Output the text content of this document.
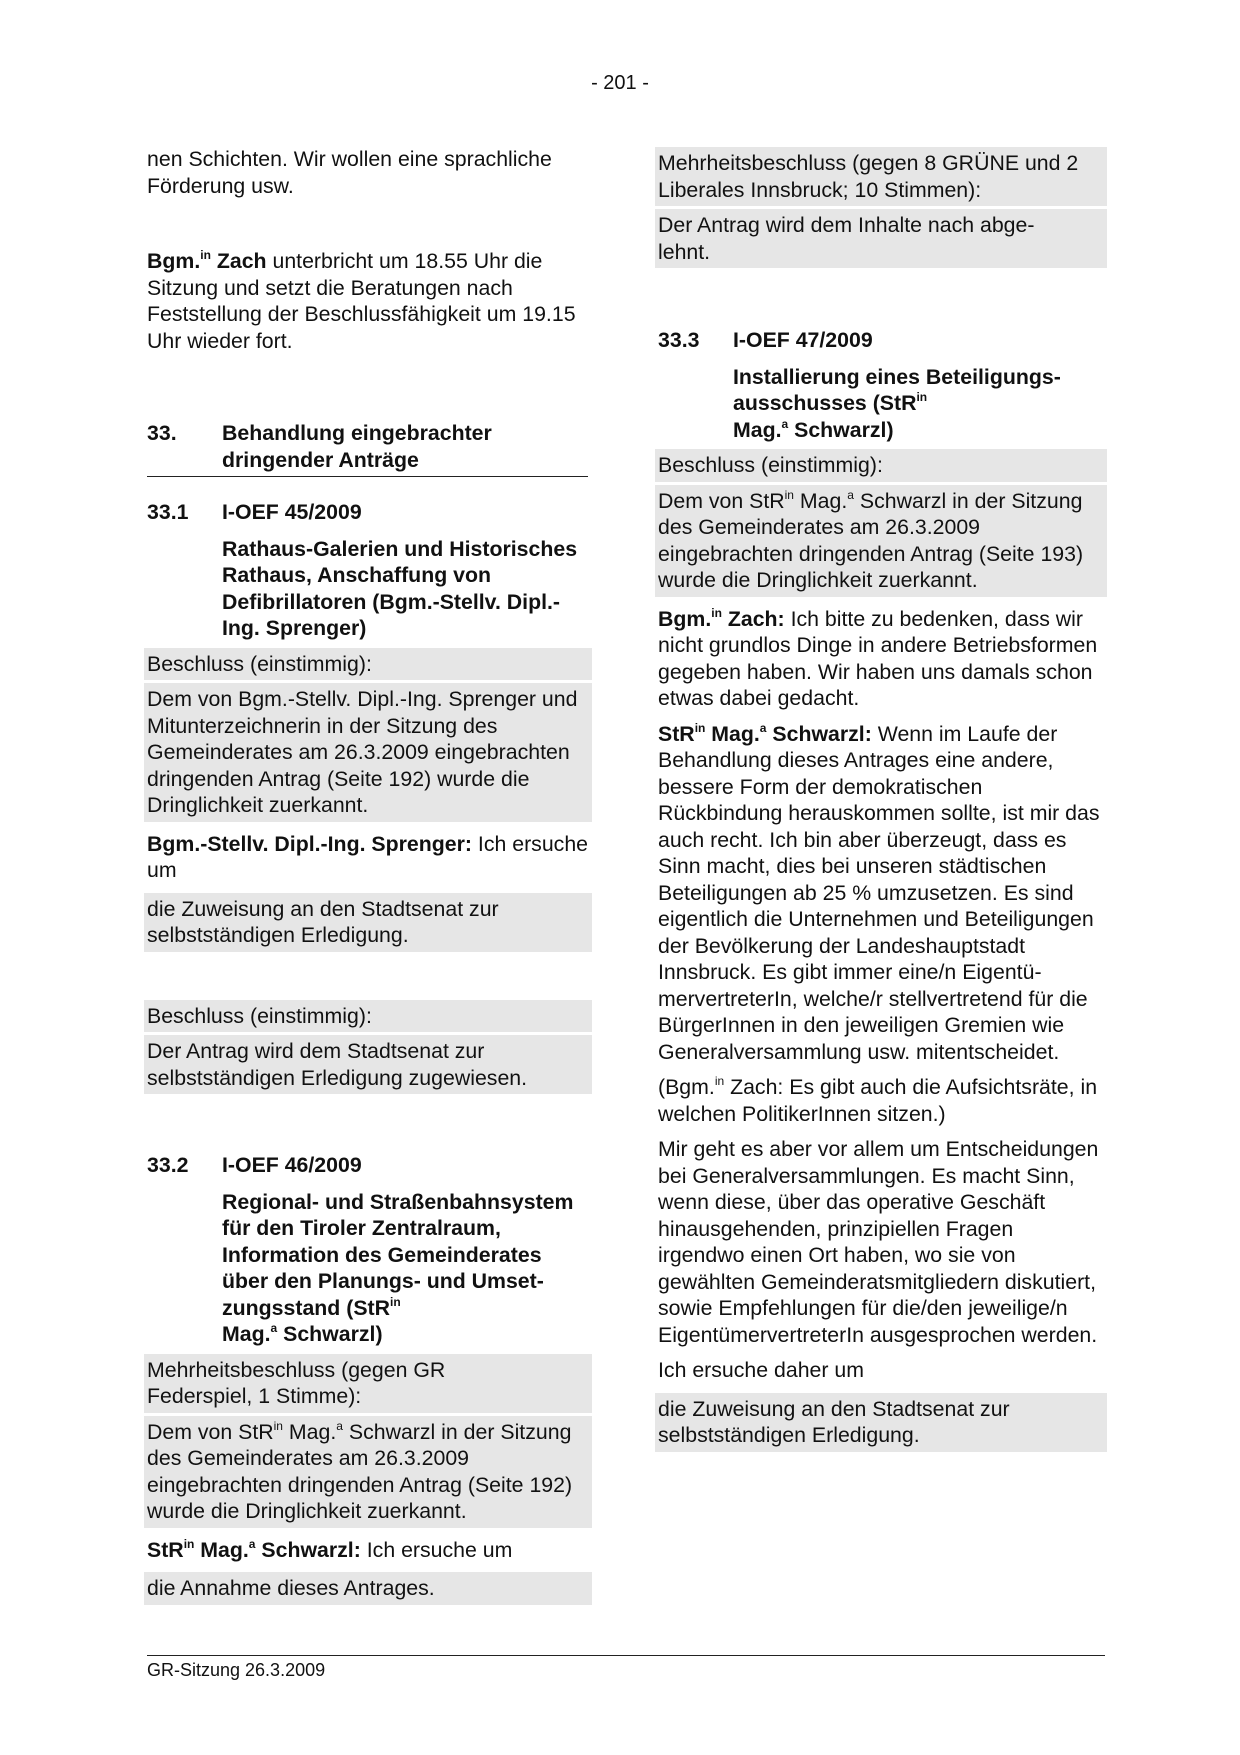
- 201 -

nen Schichten. Wir wollen eine sprachliche Förderung usw.

Bgm.$^{in}$ Zach unterbricht um 18.55 Uhr die Sitzung und setzt die Beratungen nach Feststellung der Beschlussfähigkeit um 19.15 Uhr wieder fort.

33.	Behandlung eingebrachter dringender Anträge
33.1	I-OEF 45/2009

Rathaus-Galerien und Historisches Rathaus, Anschaffung von Defibrillatoren (Bgm.-Stellv. Dipl.-Ing. Sprenger)

Beschluss (einstimmig):

Dem von Bgm.-Stellv. Dipl.-Ing. Sprenger und Mitunterzeichnerin in der Sitzung des Gemeinderates am 26.3.2009 eingebrachten dringenden Antrag (Seite 192) wurde die Dringlichkeit zuerkannt.

Bgm.-Stellv. Dipl.-Ing. Sprenger: Ich ersuche um

die Zuweisung an den Stadtsenat zur selbstständigen Erledigung.

Beschluss (einstimmig):

Der Antrag wird dem Stadtsenat zur selbstständigen Erledigung zugewiesen.

33.2	I-OEF 46/2009

Regional- und Straßenbahnsystem für den Tiroler Zentralraum, Information des Gemeinderates über den Planungs- und Umsetzungsstand (StR$^{in}$
Mag.$^a$ Schwarzl)

Mehrheitsbeschluss (gegen GR Federspiel, 1 Stimme):

Dem von StR$^{in}$ Mag.$^a$ Schwarzl in der Sitzung des Gemeinderates am 26.3.2009 eingebrachten dringenden Antrag (Seite 192) wurde die Dringlichkeit zuerkannt.

StR$^{in}$ Mag.$^a$ Schwarzl: Ich ersuche um

die Annahme dieses Antrages.

Mehrheitsbeschluss (gegen 8 GRÜNE und 2 Liberales Innsbruck; 10 Stimmen):

Der Antrag wird dem Inhalte nach abgelehnt.

33.3	I-OEF 47/2009

Installierung eines Beteiligungsausschusses (StR$^{in}$
Mag.$^a$ Schwarzl)

Beschluss (einstimmig):

Dem von StR$^{in}$ Mag.$^a$ Schwarzl in der Sitzung des Gemeinderates am 26.3.2009 eingebrachten dringenden Antrag (Seite 193) wurde die Dringlichkeit zuerkannt.

Bgm.$^{in}$ Zach: Ich bitte zu bedenken, dass wir nicht grundlos Dinge in andere Betriebsformen gegeben haben. Wir haben uns damals schon etwas dabei gedacht.

StR$^{in}$ Mag.$^a$ Schwarzl: Wenn im Laufe der Behandlung dieses Antrages eine andere, bessere Form der demokratischen Rückbindung herauskommen sollte, ist mir das auch recht. Ich bin aber überzeugt, dass es Sinn macht, dies bei unseren städtischen Beteiligungen ab 25 % umzusetzen. Es sind eigentlich die Unternehmen und Beteiligungen der Bevölkerung der Landeshauptstadt Innsbruck. Es gibt immer eine/n EigentümervertreterIn, welche/r stellvertretend für die BürgerInnen in den jeweiligen Gremien wie Generalversammlung usw. mitentscheidet.

(Bgm.$^{in}$ Zach: Es gibt auch die Aufsichtsräte, in welchen PolitikerInnen sitzen.)

Mir geht es aber vor allem um Entscheidungen bei Generalversammlungen. Es macht Sinn, wenn diese, über das operative Geschäft hinausgehenden, prinzipiellen Fragen irgendwo einen Ort haben, wo sie von gewählten Gemeinderatsmitgliedern diskutiert, sowie Empfehlungen für die/den jeweilige/n EigentümervertreterIn ausgesprochen werden.

Ich ersuche daher um

die Zuweisung an den Stadtsenat zur selbstständigen Erledigung.

GR-Sitzung 26.3.2009
